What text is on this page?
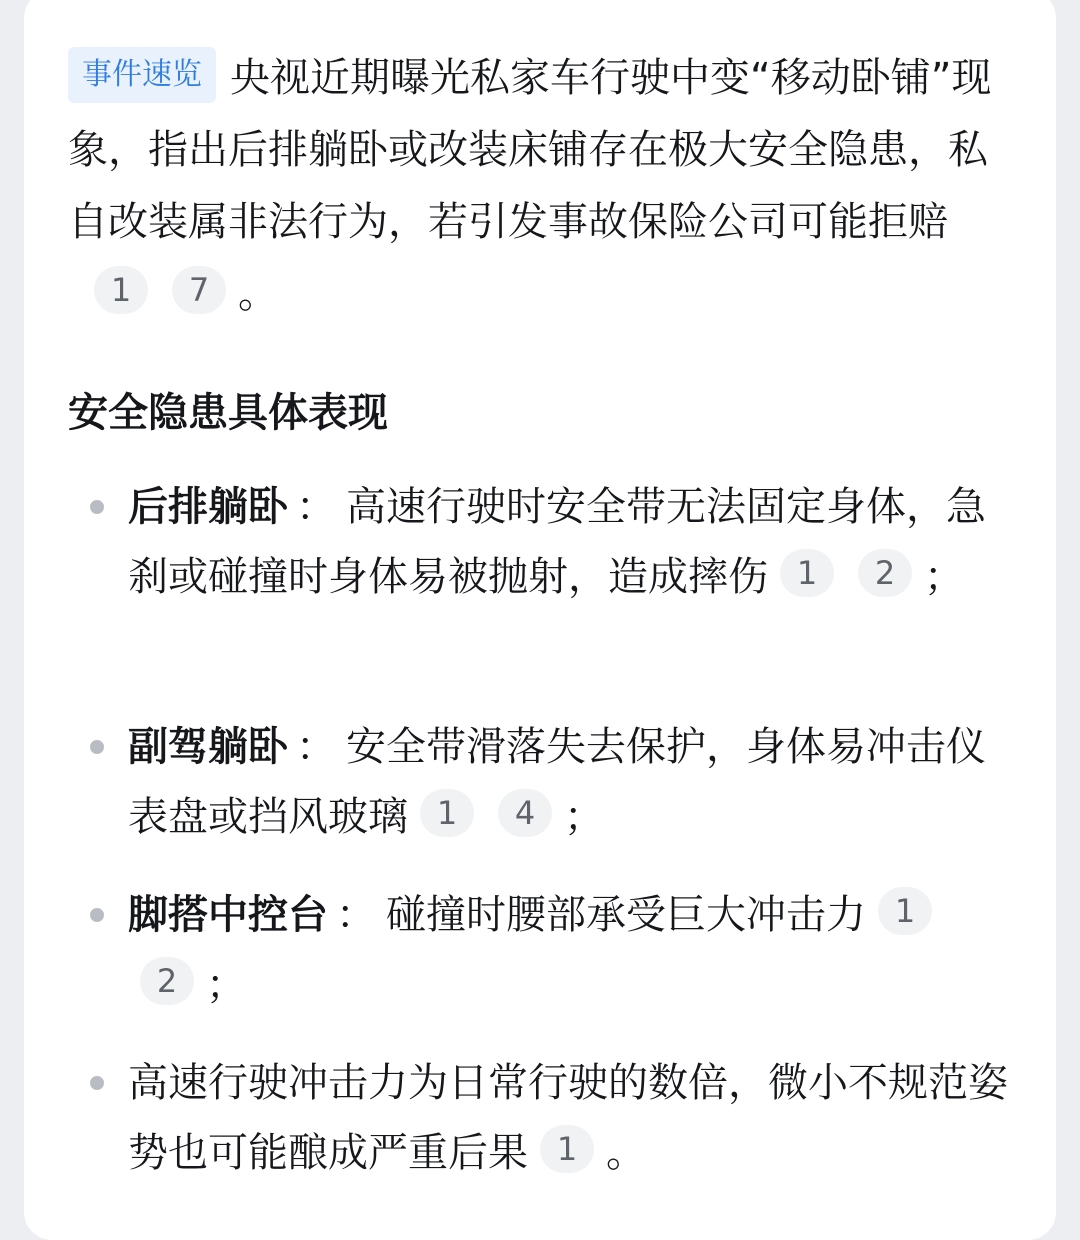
事件速览 央视近期曝光私家车行驶中变“移动卧铺”现象，指出后排躺卧或改装床铺存在极大安全隐患，私自改装属非法行为，若引发事故保险公司可能拒赔1 7 。
安全隐患具体表现
后排躺卧 ： 高速行驶时安全带无法固定身体，急刹或碰撞时身体易被抛射，造成摔伤 1 2 ；
副驾躺卧 ： 安全带滑落失去保护，身体易冲击仪表盘或挡风玻璃 1 4 ；
脚搭中控台 ： 碰撞时腰部承受巨大冲击力 12 ；
高速行驶冲击力为日常行驶的数倍，微小不规范姿势也可能酿成严重后果 1 。
